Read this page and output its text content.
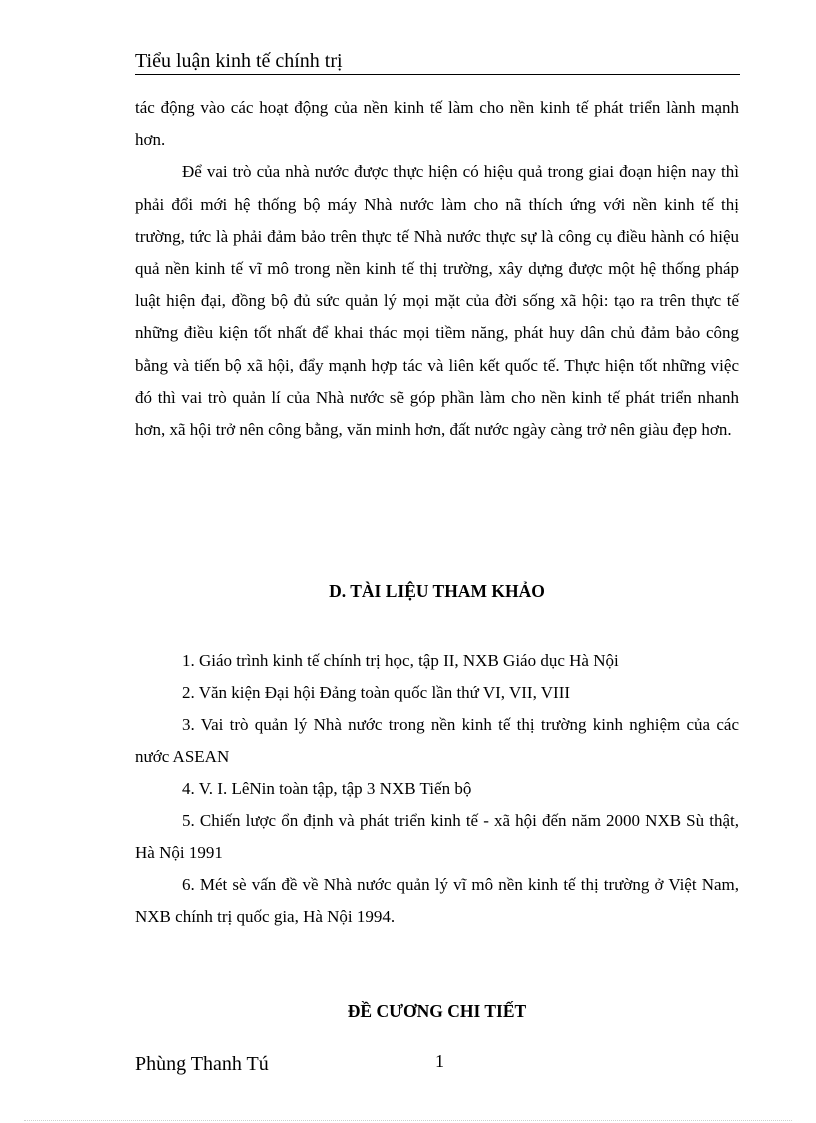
Tiểu luận kinh tế chính trị

tác động vào các hoạt động của nền kinh tế làm cho nền kinh tế phát triển lành mạnh hơn.

Để vai trò của nhà nước được thực hiện có hiệu quả trong giai đoạn hiện nay thì phải đổi mới hệ thống bộ máy Nhà nước làm cho nã thích ứng với nền kinh tế thị trường, tức là phải đảm bảo trên thực tế Nhà nước thực sự là công cụ điều hành có hiệu quả nền kinh tế vĩ mô trong nền kinh tế thị trường, xây dựng được một hệ thống pháp luật hiện đại, đồng bộ đủ sức quản lý mọi mặt của đời sống xã hội: tạo ra trên thực tế những điều kiện tốt nhất để khai thác mọi tiềm năng, phát huy dân chủ đảm bảo công bằng và tiến bộ xã hội, đẩy mạnh hợp tác và liên kết quốc tế. Thực hiện tốt những việc đó thì vai trò quản lí của Nhà nước sẽ góp phần làm cho nền kinh tế phát triển nhanh hơn, xã hội trở nên công bằng, văn minh hơn, đất nước ngày càng trở nên giàu đẹp hơn.

D. TÀI LIỆU THAM KHẢO

1. Giáo trình kinh tế chính trị học, tập II, NXB Giáo dục Hà Nội

2. Văn kiện Đại hội Đảng toàn quốc lần thứ VI, VII, VIII

3. Vai trò quản lý Nhà nước trong nền kinh tế thị trường kinh nghiệm của các nước ASEAN

4. V. I. LêNin toàn tập, tập 3 NXB Tiến bộ

5. Chiến lược ổn định và phát triển kinh tế - xã hội đến năm 2000 NXB Sù thật, Hà Nội 1991

6. Mét sè vấn đề về Nhà nước quản lý vĩ mô nền kinh tế thị trường ở Việt Nam, NXB chính trị quốc gia, Hà Nội 1994.

ĐỀ CƯƠNG CHI TIẾT
Phùng Thanh Tú	1
